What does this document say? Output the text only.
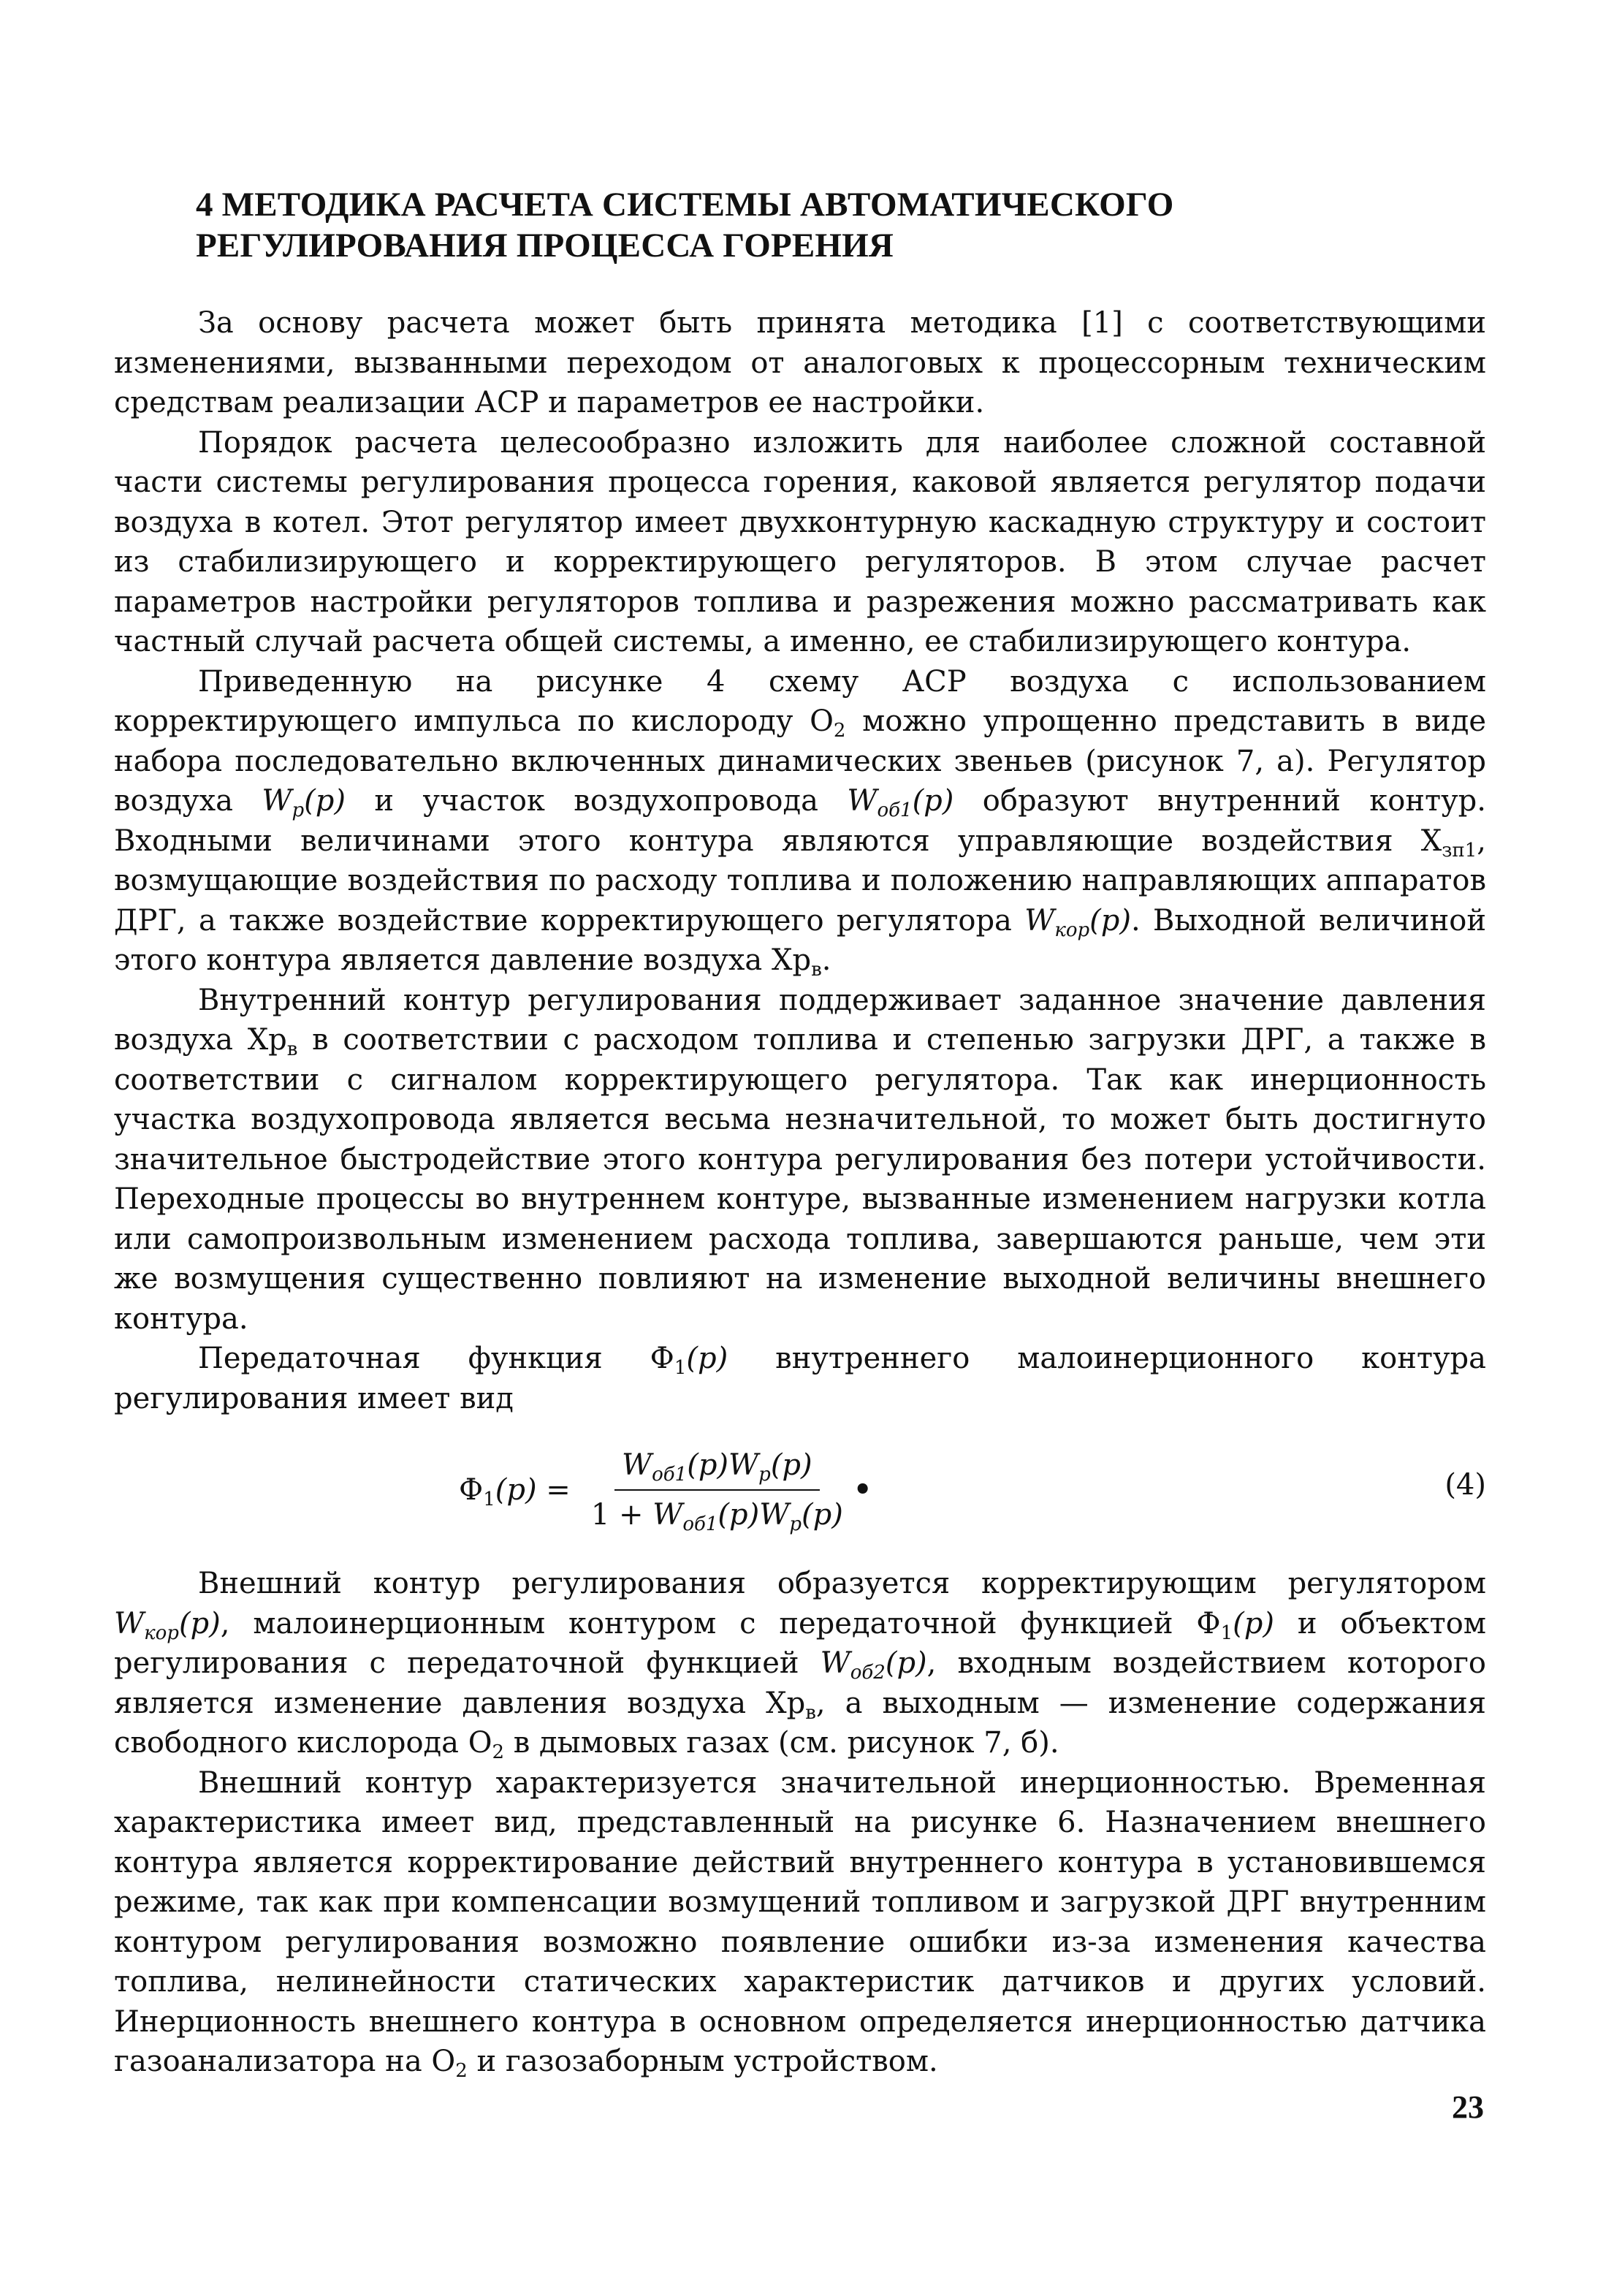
4 МЕТОДИКА РАСЧЕТА СИСТЕМЫ АВТОМАТИЧЕСКОГО
РЕГУЛИРОВАНИЯ ПРОЦЕССА ГОРЕНИЯ

За основу расчета может быть принята методика [1] с соответствующими изменениями, вызванными переходом от аналоговых к процессорным техническим средствам реализации АСР и параметров ее настройки.

Порядок расчета целесообразно изложить для наиболее сложной составной части системы регулирования процесса горения, каковой является регулятор подачи воздуха в котел. Этот регулятор имеет двухконтурную каскадную структуру и состоит из стабилизирующего и корректирующего регуляторов. В этом случае расчет параметров настройки регуляторов топлива и разрежения можно рассматривать как частный случай расчета общей системы, а именно, ее стабилизирующего контура.

Приведенную на рисунке 4 схему АСР воздуха с использованием корректирующего импульса по кислороду $O_2$ можно упрощенно представить в виде набора последовательно включенных динамических звеньев (рисунок 7, а). Регулятор воздуха $W_р(p)$ и участок воздухопровода $W_{об1}(p)$ образуют внутренний контур. Входными величинами этого контура являются управляющие воздействия $X_{зп1}$, возмущающие воздействия по расходу топлива и положению направляющих аппаратов ДРГ, а также воздействие корректирующего регулятора $W_{кор}(p)$. Выходной величиной этого контура является давление воздуха $Xp_в$.

Внутренний контур регулирования поддерживает заданное значение давления воздуха $Xp_в$ в соответствии с расходом топлива и степенью загрузки ДРГ, а также в соответствии с сигналом корректирующего регулятора. Так как инерционность участка воздухопровода является весьма незначительной, то может быть достигнуто значительное быстродействие этого контура регулирования без потери устойчивости. Переходные процессы во внутреннем контуре, вызванные изменением нагрузки котла или самопроизвольным изменением расхода топлива, завершаются раньше, чем эти же возмущения существенно повлияют на изменение выходной величины внешнего контура.

Передаточная функция $Ф_1(p)$ внутреннего малоинерционного контура регулирования имеет вид

$Ф_1(p) = \frac{W_{об1}(p)W_р(p)}{1 + W_{об1}(p)W_р(p)}$ •	(4)

Внешний контур регулирования образуется корректирующим регулятором $W_{кор}(p)$, малоинерционным контуром с передаточной функцией $Ф_1(p)$ и объектом регулирования с передаточной функцией $W_{об2}(p)$, входным воздействием которого является изменение давления воздуха $Xp_в$, а выходным — изменение содержания свободного кислорода $O_2$ в дымовых газах (см. рисунок 7, б).

Внешний контур характеризуется значительной инерционностью. Временная характеристика имеет вид, представленный на рисунке 6. Назначением внешнего контура является корректирование действий внутреннего контура в установившемся режиме, так как при компенсации возмущений топливом и загрузкой ДРГ внутренним контуром регулирования возможно появление ошибки из-за изменения качества топлива, нелинейности статических характеристик датчиков и других условий. Инерционность внешнего контура в основном определяется инерционностью датчика газоанализатора на $O_2$ и газозаборным устройством.

23
